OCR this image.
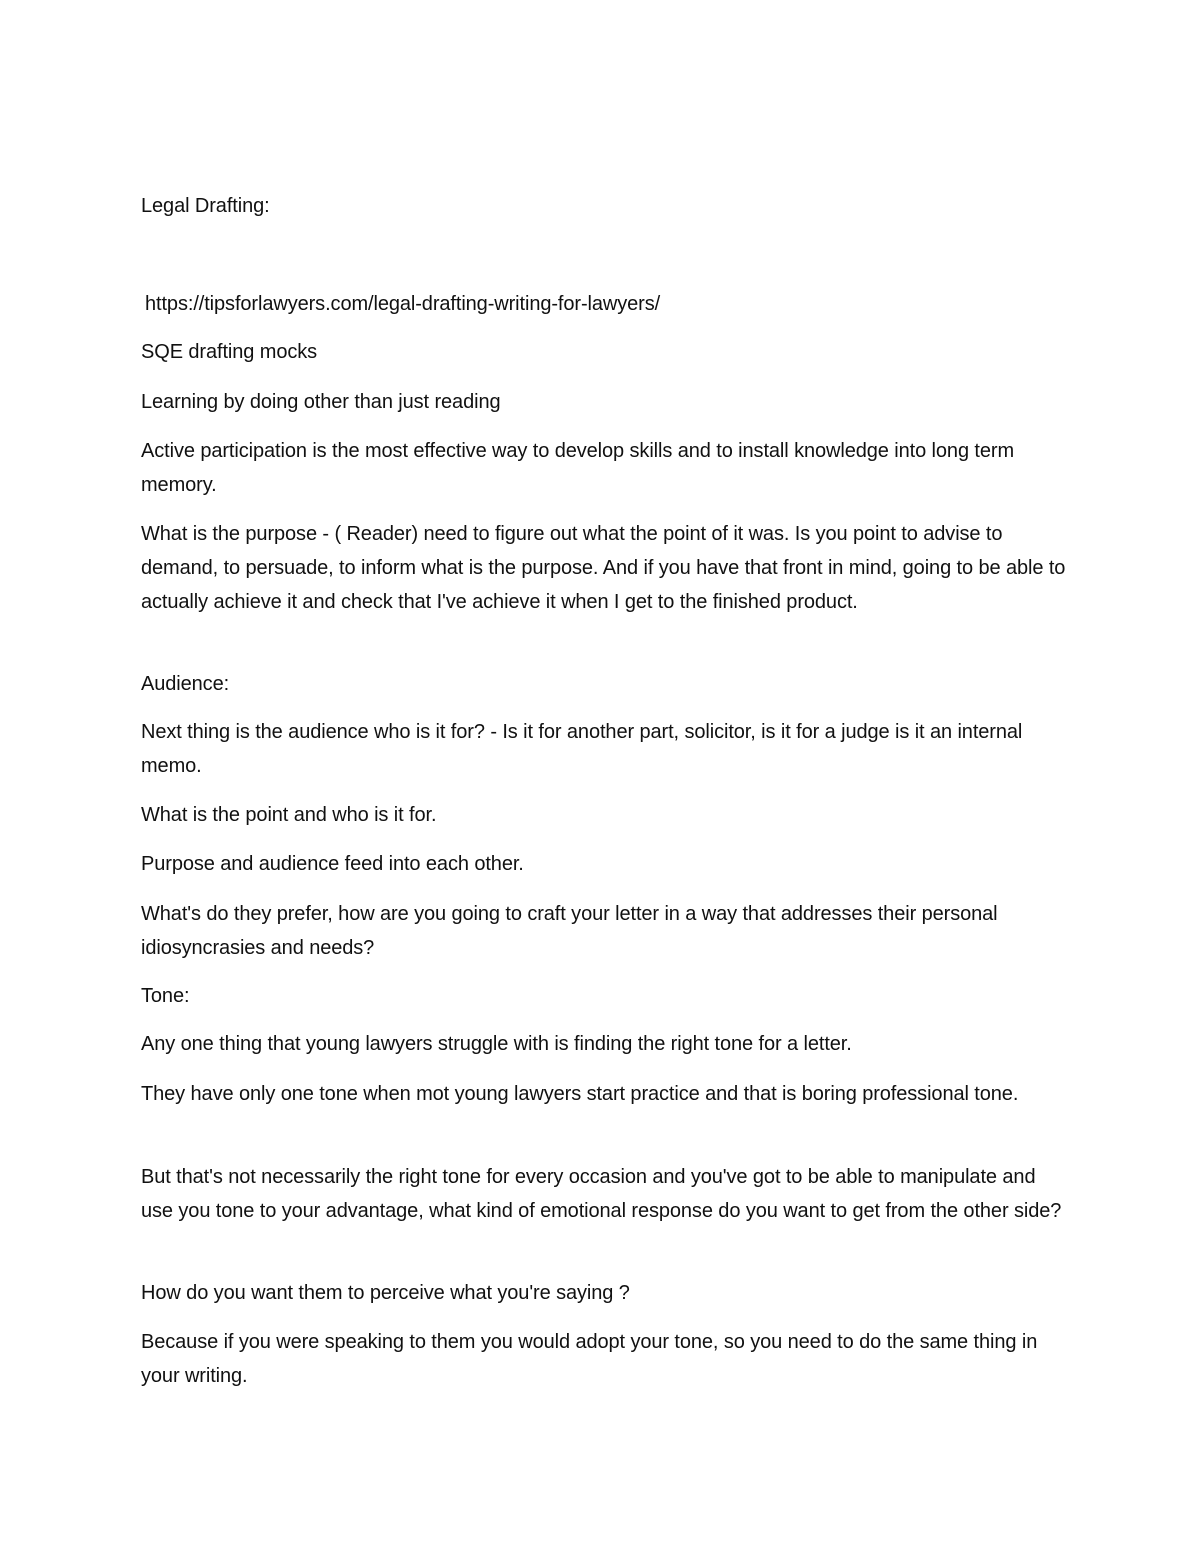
Legal Drafting:
https://tipsforlawyers.com/legal-drafting-writing-for-lawyers/
SQE drafting mocks
Learning by doing other than just reading
Active participation is the most effective way to develop skills and to install knowledge into long term memory.
What is the purpose - ( Reader) need to figure out what the point of it was. Is you point to advise to demand, to persuade, to inform what is the purpose. And if you have that front in mind, going to be able to actually achieve it and check that I've achieve it when I get to the finished product.
Audience:
Next thing is the audience who is it for? - Is it for another part, solicitor, is it for a judge is it an internal memo.
What is the point and who is it for.
Purpose and audience feed into each other.
What's do they prefer, how are you going to craft your letter in a way that addresses their personal idiosyncrasies and needs?
Tone:
Any one thing that young lawyers struggle with is finding the right tone for a letter.
They have only one tone when mot young lawyers start practice and that is boring professional tone.
But that's not necessarily the right tone for every occasion and you've got to be able to manipulate and use you tone to your advantage, what kind of emotional response do you want to get from the other side?
How do you want them to perceive what you're saying ?
Because if you were speaking to them you would adopt your tone, so you need to do the same thing in your writing.
